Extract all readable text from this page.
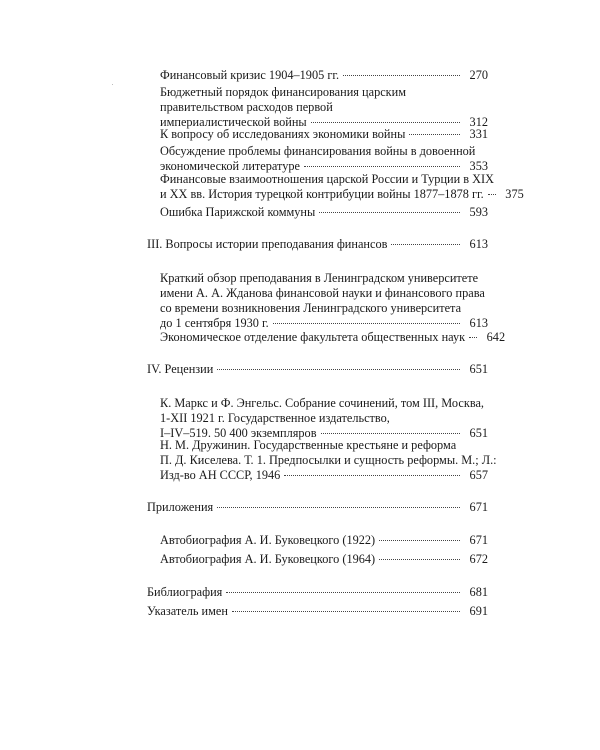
Финансовый кризис 1904–1905 гг.	270
Бюджетный порядок финансирования царским
правительством расходов первой
империалистической войны	312
К вопросу об исследованиях экономики войны	331
Обсуждение проблемы финансирования войны в довоенной
экономической литературе	353
Финансовые взаимоотношения царской России и Турции в XIX
и XX вв. История турецкой контрибуции войны 1877–1878 гг.	375
Ошибка Парижской коммуны	593
III. Вопросы истории преподавания финансов	613
Краткий обзор преподавания в Ленинградском университете
имени А. А. Жданова финансовой науки и финансового права
со времени возникновения Ленинградского университета
до 1 сентября 1930 г.	613
Экономическое отделение факультета общественных наук	642
IV. Рецензии	651
К. Маркс и Ф. Энгельс. Собрание сочинений, том III, Москва,
1-XII 1921 г. Государственное издательство,
I–IV–519. 50 400 экземпляров	651
Н. М. Дружинин. Государственные крестьяне и реформа
П. Д. Киселева. Т. 1. Предпосылки и сущность реформы. М.; Л.:
Изд-во АН СССР, 1946	657
Приложения	671
Автобиография А. И. Буковецкого (1922)	671
Автобиография А. И. Буковецкого (1964)	672
Библиография	681
Указатель имен	691
